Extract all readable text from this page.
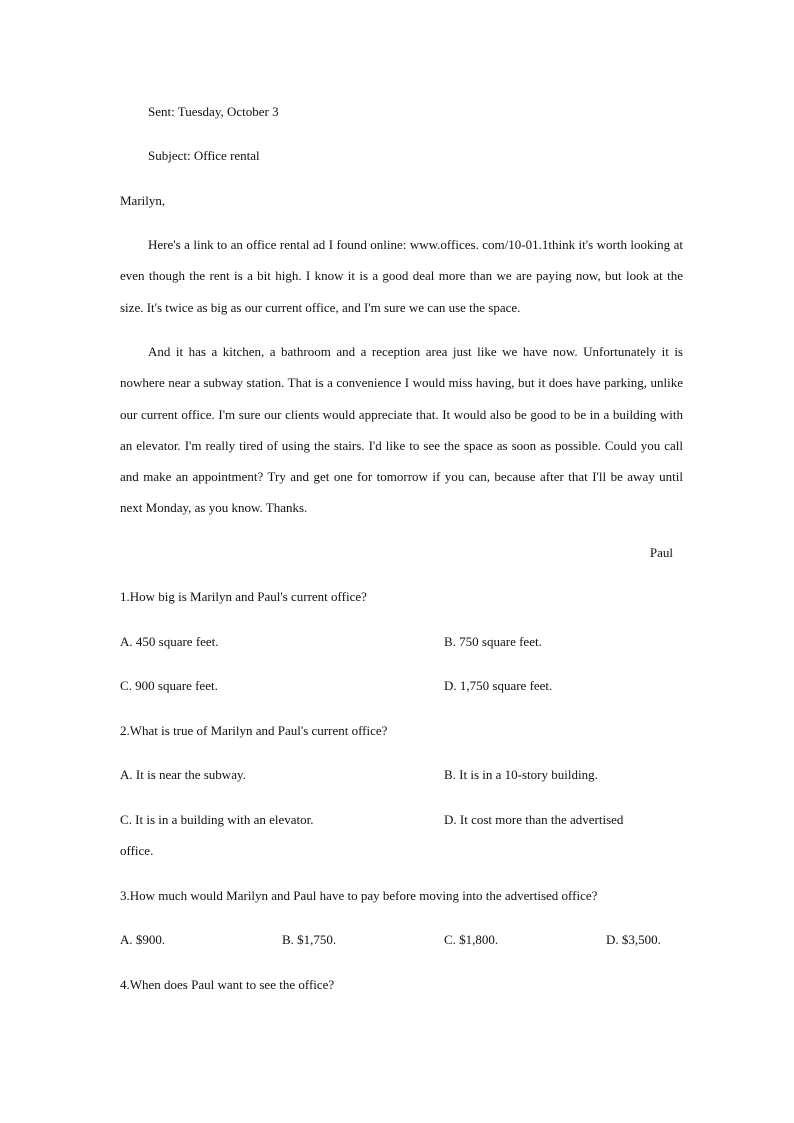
Sent: Tuesday, October 3
Subject: Office rental
Marilyn,
Here's a link to an office rental ad I found online: www.offices. com/10-01.1think it's worth looking at even though the rent is a bit high. I know it is a good deal more than we are paying now, but look at the size. It's twice as big as our current office, and I'm sure we can use the space.
And it has a kitchen, a bathroom and a reception area just like we have now. Unfortunately it is nowhere near a subway station. That is a convenience I would miss having, but it does have parking, unlike our current office. I'm sure our clients would appreciate that. It would also be good to be in a building with an elevator. I'm really tired of using the stairs. I'd like to see the space as soon as possible. Could you call and make an appointment? Try and get one for tomorrow if you can, because after that I'll be away until next Monday, as you know. Thanks.
Paul
1.How big is Marilyn and Paul's current office?
A. 450 square feet.	B. 750 square feet.
C. 900 square feet.	D. 1,750 square feet.
2.What is true of Marilyn and Paul's current office?
A. It is near the subway.	B. It is in a 10-story building.
C. It is in a building with an elevator.	D. It cost more than the advertised
office.
3.How much would Marilyn and Paul have to pay before moving into the advertised office?
A. $900.	B. $1,750.	C. $1,800.	D. $3,500.
4.When does Paul want to see the office?
